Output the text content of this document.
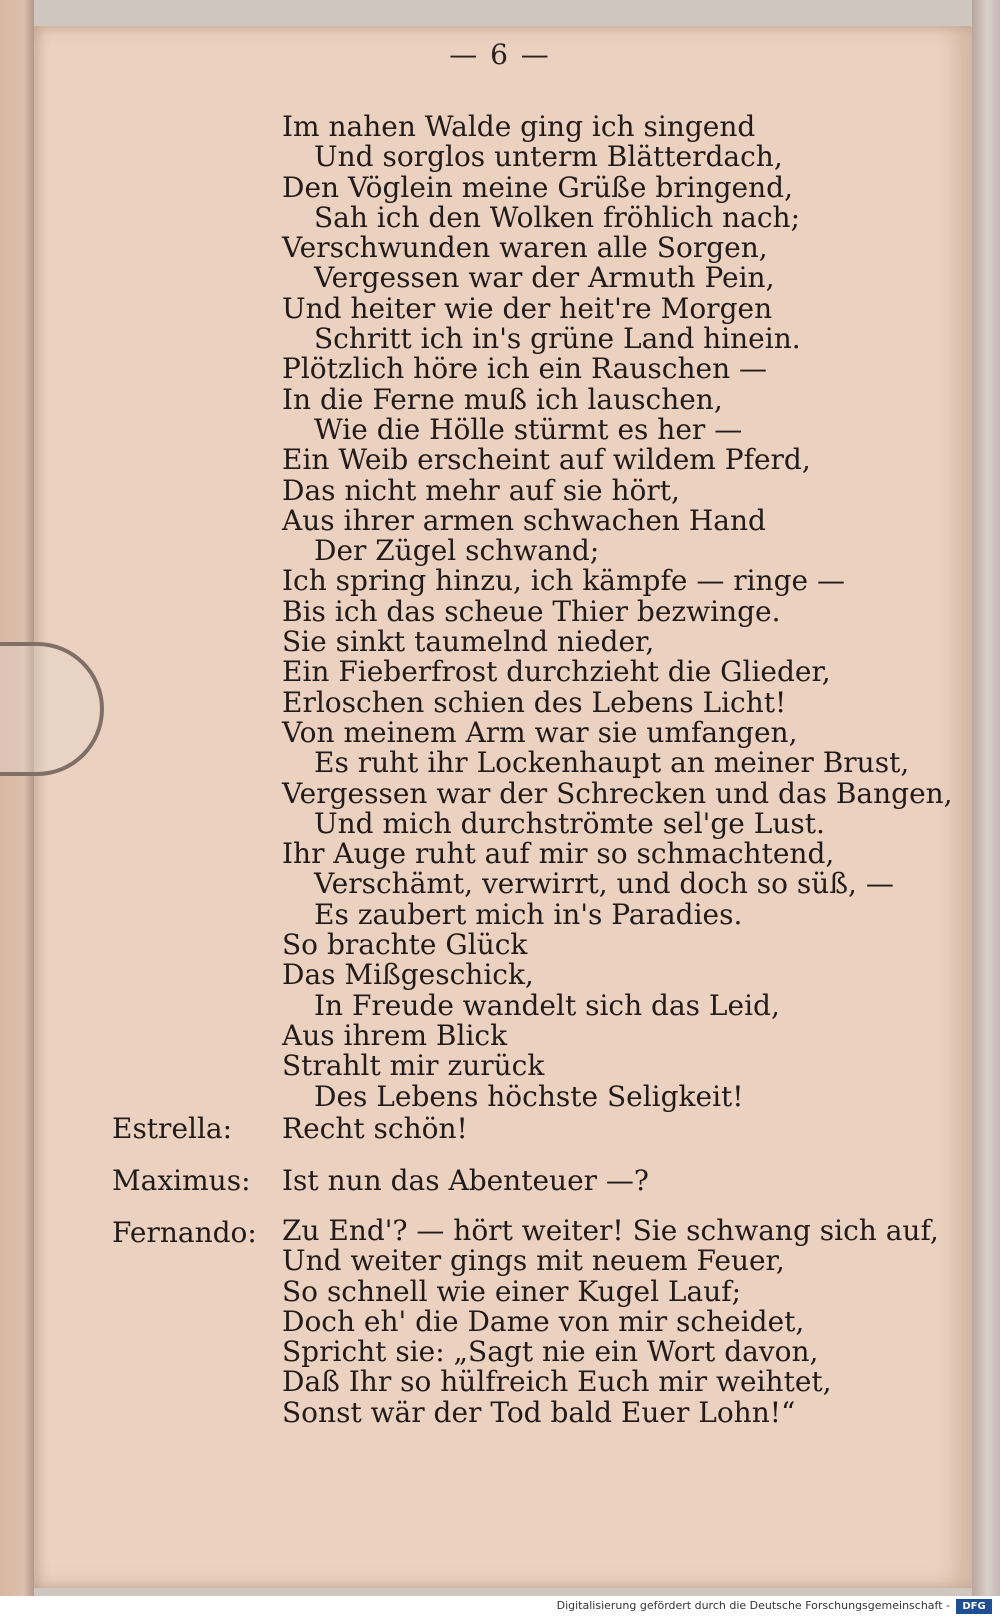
— 6 —
Im nahen Walde ging ich singend
Und sorglos unterm Blätterdach,
Den Vöglein meine Grüße bringend,
Sah ich den Wolken fröhlich nach;
Verschwunden waren alle Sorgen,
Vergessen war der Armuth Pein,
Und heiter wie der heit're Morgen
Schritt ich in's grüne Land hinein.
Plötzlich höre ich ein Rauschen —
In die Ferne muß ich lauschen,
Wie die Hölle stürmt es her —
Ein Weib erscheint auf wildem Pferd,
Das nicht mehr auf sie hört,
Aus ihrer armen schwachen Hand
Der Zügel schwand;
Ich spring hinzu, ich kämpfe — ringe —
Bis ich das scheue Thier bezwinge.
Sie sinkt taumelnd nieder,
Ein Fieberfrost durchzieht die Glieder,
Erloschen schien des Lebens Licht!
Von meinem Arm war sie umfangen,
Es ruht ihr Lockenhaupt an meiner Brust,
Vergessen war der Schrecken und das Bangen,
Und mich durchströmte sel'ge Lust.
Ihr Auge ruht auf mir so schmachtend,
Verschämt, verwirrt, und doch so süß, —
Es zaubert mich in's Paradies.
So brachte Glück
Das Mißgeschick,
In Freude wandelt sich das Leid,
Aus ihrem Blick
Strahlt mir zurück
Des Lebens höchste Seligkeit!
Estrella:	Recht schön!
Maximus:	Ist nun das Abenteuer —?
Fernando: Zu End'? — hört weiter! Sie schwang sich auf,
Und weiter gings mit neuem Feuer,
So schnell wie einer Kugel Lauf;
Doch eh' die Dame von mir scheidet,
Spricht sie: „Sagt nie ein Wort davon,
Daß Ihr so hülfreich Euch mir weihtet,
Sonst wär der Tod bald Euer Lohn!“
Digitalisierung gefördert durch die Deutsche Forschungsgemeinschaft -	DFG
